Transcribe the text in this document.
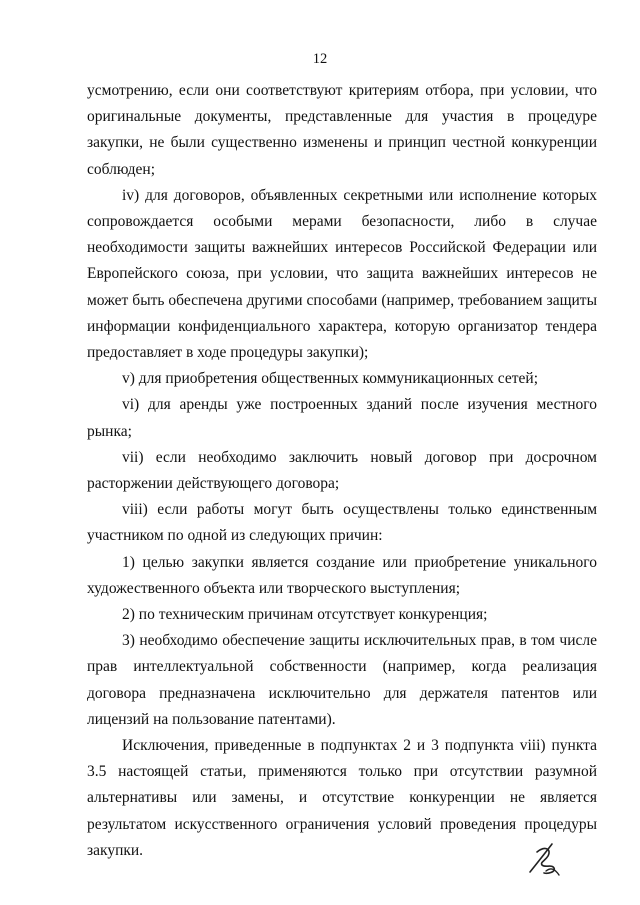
12

усмотрению, если они соответствуют критериям отбора, при условии, что оригинальные документы, представленные для участия в процедуре закупки, не были существенно изменены и принцип честной конкуренции соблюден;

iv) для договоров, объявленных секретными или исполнение которых сопровождается особыми мерами безопасности, либо в случае необходимости защиты важнейших интересов Российской Федерации или Европейского союза, при условии, что защита важнейших интересов не может быть обеспечена другими способами (например, требованием защиты информации конфиденциального характера, которую организатор тендера предоставляет в ходе процедуры закупки);

v) для приобретения общественных коммуникационных сетей;

vi) для аренды уже построенных зданий после изучения местного рынка;

vii) если необходимо заключить новый договор при досрочном расторжении действующего договора;

viii) если работы могут быть осуществлены только единственным участником по одной из следующих причин:

1) целью закупки является создание или приобретение уникального художественного объекта или творческого выступления;

2) по техническим причинам отсутствует конкуренция;

3) необходимо обеспечение защиты исключительных прав, в том числе прав интеллектуальной собственности (например, когда реализация договора предназначена исключительно для держателя патентов или лицензий на пользование патентами).

Исключения, приведенные в подпунктах 2 и 3 подпункта viii) пункта 3.5 настоящей статьи, применяются только при отсутствии разумной альтернативы или замены, и отсутствие конкуренции не является результатом искусственного ограничения условий проведения процедуры закупки.
